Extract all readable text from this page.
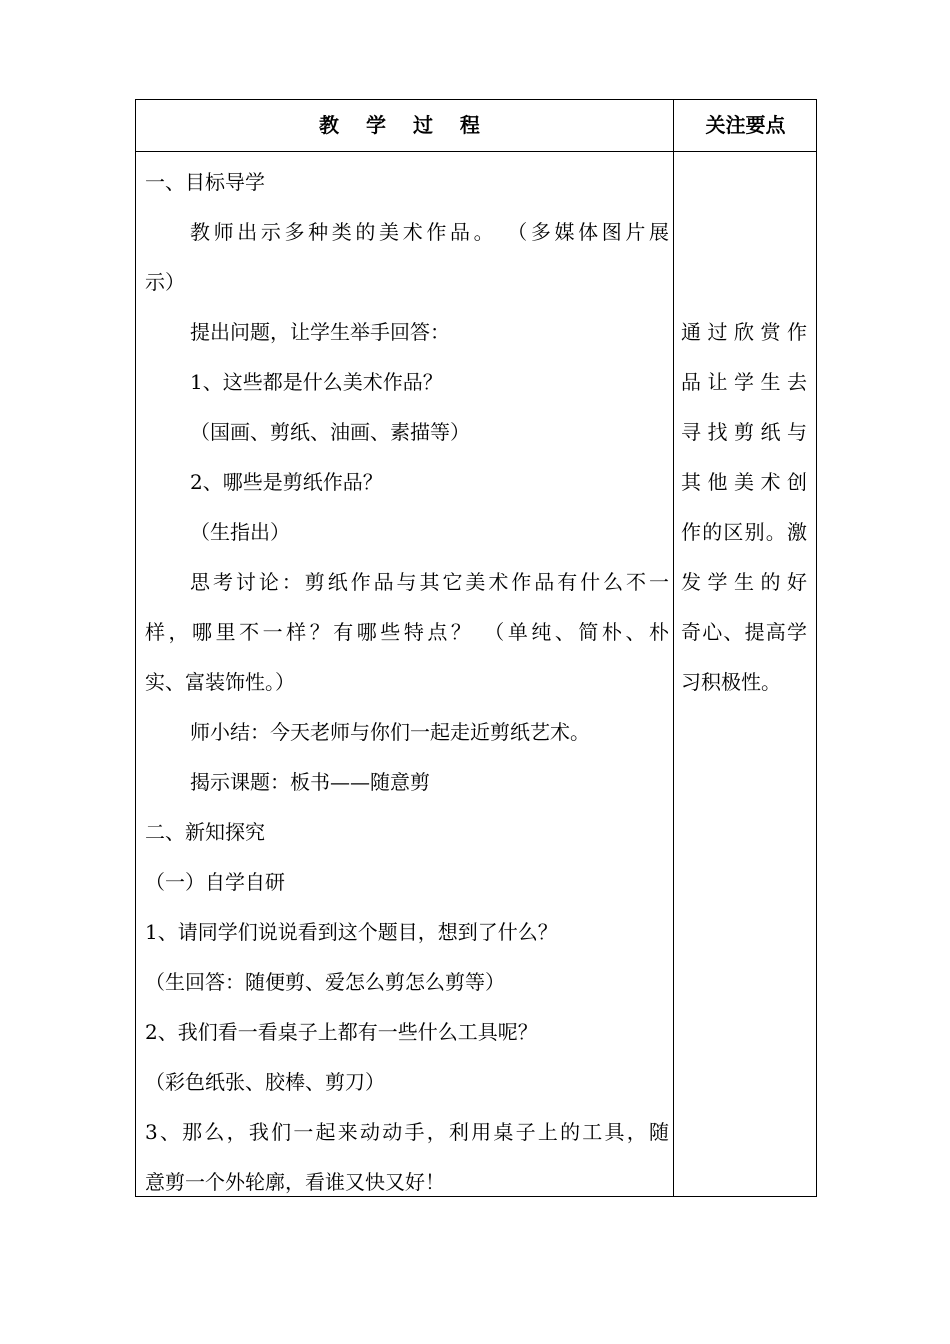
教 学 过 程	关注要点
一、目标导学
教师出示多种类的美术作品。 （多媒体图片展
示）
提出问题，让学生举手回答：
1、这些都是什么美术作品？
（国画、剪纸、油画、素描等）
2、哪些是剪纸作品？
（生指出）
思考讨论：剪纸作品与其它美术作品有什么不一
样，哪里不一样？有哪些特点？ （单纯、简朴、朴
实、富装饰性。）
师小结：今天老师与你们一起走近剪纸艺术。
揭示课题：板书——随意剪
二、新知探究
（一）自学自研
1、请同学们说说看到这个题目，想到了什么？
（生回答：随便剪、爱怎么剪怎么剪等）
2、我们看一看桌子上都有一些什么工具呢？
（彩色纸张、胶棒、剪刀）
3、那么，我们一起来动动手，利用桌子上的工具，随
意剪一个外轮廓，看谁又快又好！
通过欣赏作
品让学生去
寻找剪纸与
其他美术创
作的区别。激
发学生的好
奇心、提高学
习积极性。
